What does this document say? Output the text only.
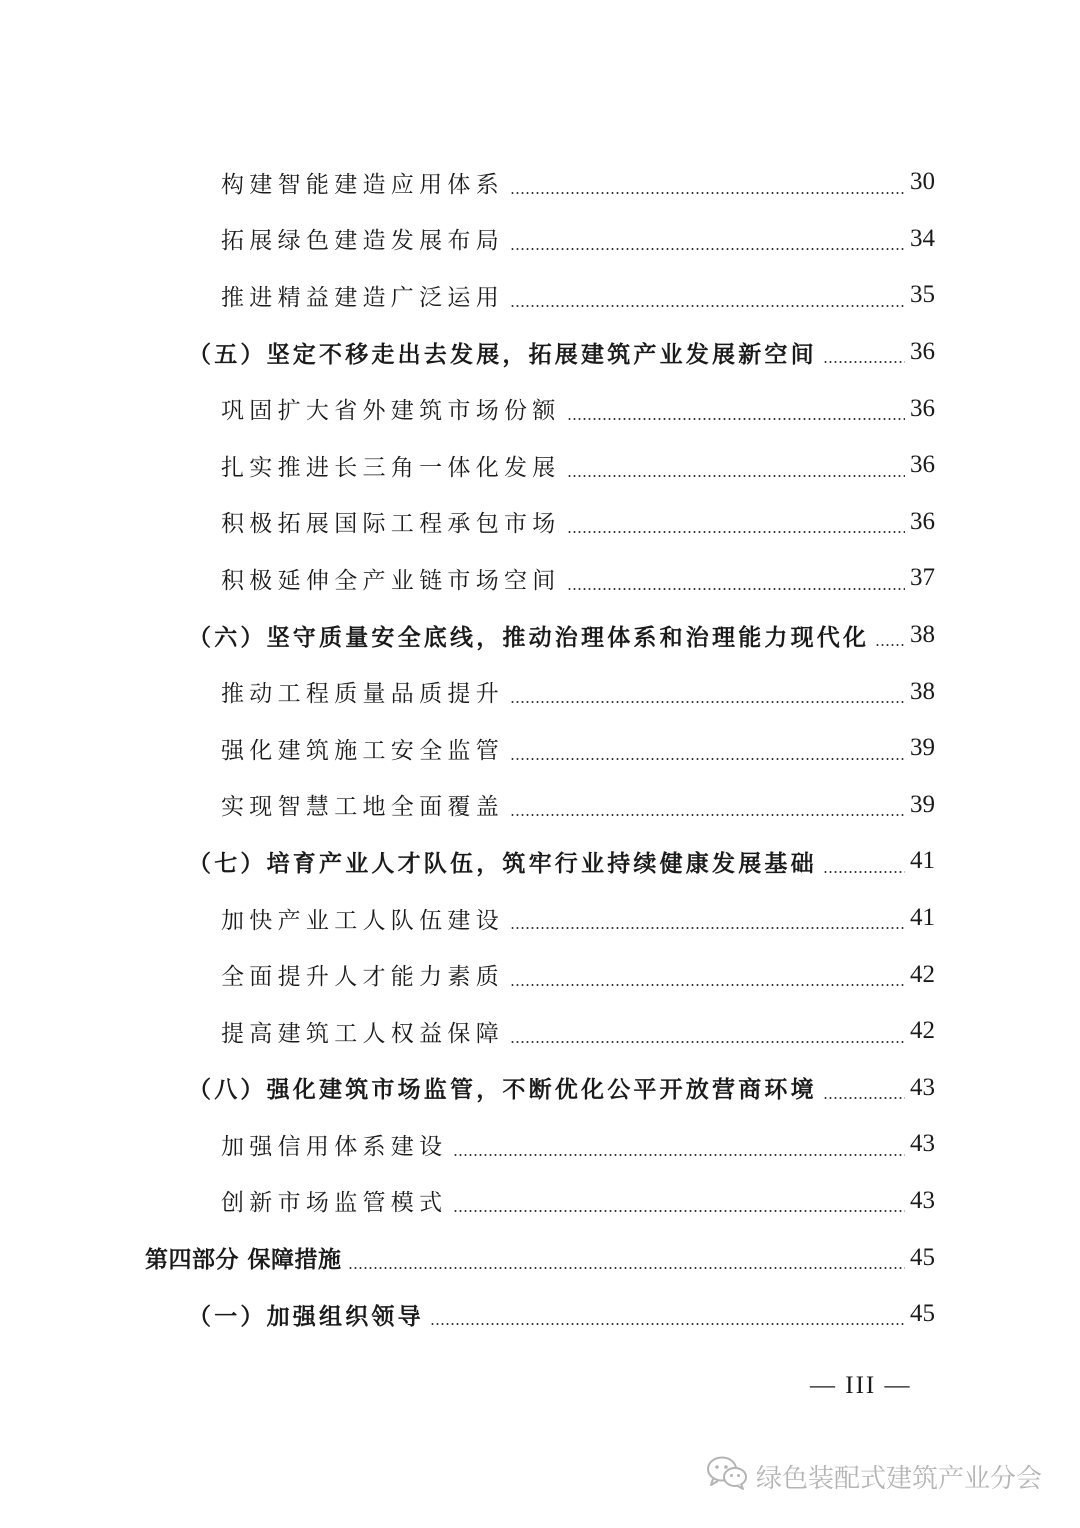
构建智能建造应用体系	30
拓展绿色建造发展布局	34
推进精益建造广泛运用	35
（五）坚定不移走出去发展，拓展建筑产业发展新空间	36
巩固扩大省外建筑市场份额	36
扎实推进长三角一体化发展	36
积极拓展国际工程承包市场	36
积极延伸全产业链市场空间	37
（六）坚守质量安全底线，推动治理体系和治理能力现代化 38
推动工程质量品质提升	38
强化建筑施工安全监管	39
实现智慧工地全面覆盖	39
（七）培育产业人才队伍，筑牢行业持续健康发展基础	41
加快产业工人队伍建设	41
全面提升人才能力素质	42
提高建筑工人权益保障	42
（八）强化建筑市场监管，不断优化公平开放营商环境	43
加强信用体系建设	43
创新市场监管模式	43
第四部分 保障措施	45
（一）加强组织领导	45
— III —
绿色装配式建筑产业分会
